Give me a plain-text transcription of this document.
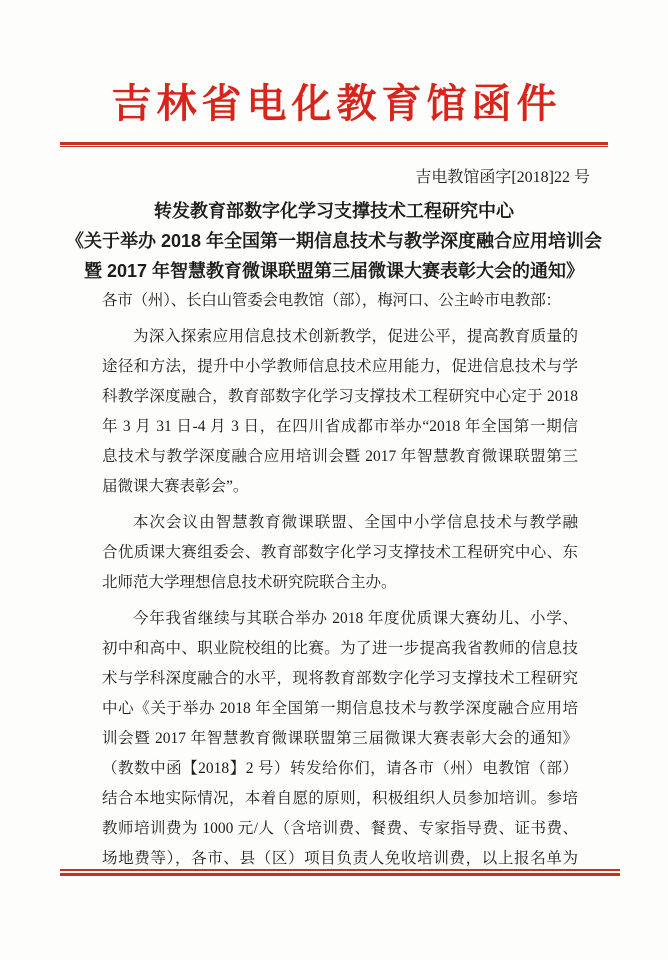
吉林省电化教育馆函件
吉电教馆函字[2018]22 号
转发教育部数字化学习支撑技术工程研究中心
《关于举办 2018 年全国第一期信息技术与教学深度融合应用培训会
暨 2017 年智慧教育微课联盟第三届微课大赛表彰大会的通知》
各市（州）、长白山管委会电教馆（部），梅河口、公主岭市电教部：
为深入探索应用信息技术创新教学，促进公平，提高教育质量的
途径和方法，提升中小学教师信息技术应用能力，促进信息技术与学
科教学深度融合，教育部数字化学习支撑技术工程研究中心定于 2018
年 3 月 31 日-4 月 3 日，在四川省成都市举办“2018 年全国第一期信
息技术与教学深度融合应用培训会暨 2017 年智慧教育微课联盟第三
届微课大赛表彰会”。
本次会议由智慧教育微课联盟、全国中小学信息技术与教学融
合优质课大赛组委会、教育部数字化学习支撑技术工程研究中心、东
北师范大学理想信息技术研究院联合主办。
今年我省继续与其联合举办 2018 年度优质课大赛幼儿、小学、
初中和高中、职业院校组的比赛。为了进一步提高我省教师的信息技
术与学科深度融合的水平，现将教育部数字化学习支撑技术工程研究
中心《关于举办 2018 年全国第一期信息技术与教学深度融合应用培
训会暨 2017 年智慧教育微课联盟第三届微课大赛表彰大会的通知》
（教数中函【2018】2 号）转发给你们，请各市（州）电教馆（部）
结合本地实际情况，本着自愿的原则，积极组织人员参加培训。参培
教师培训费为 1000 元/人（含培训费、餐费、专家指导费、证书费、
场地费等），各市、县（区）项目负责人免收培训费，以上报名单为
